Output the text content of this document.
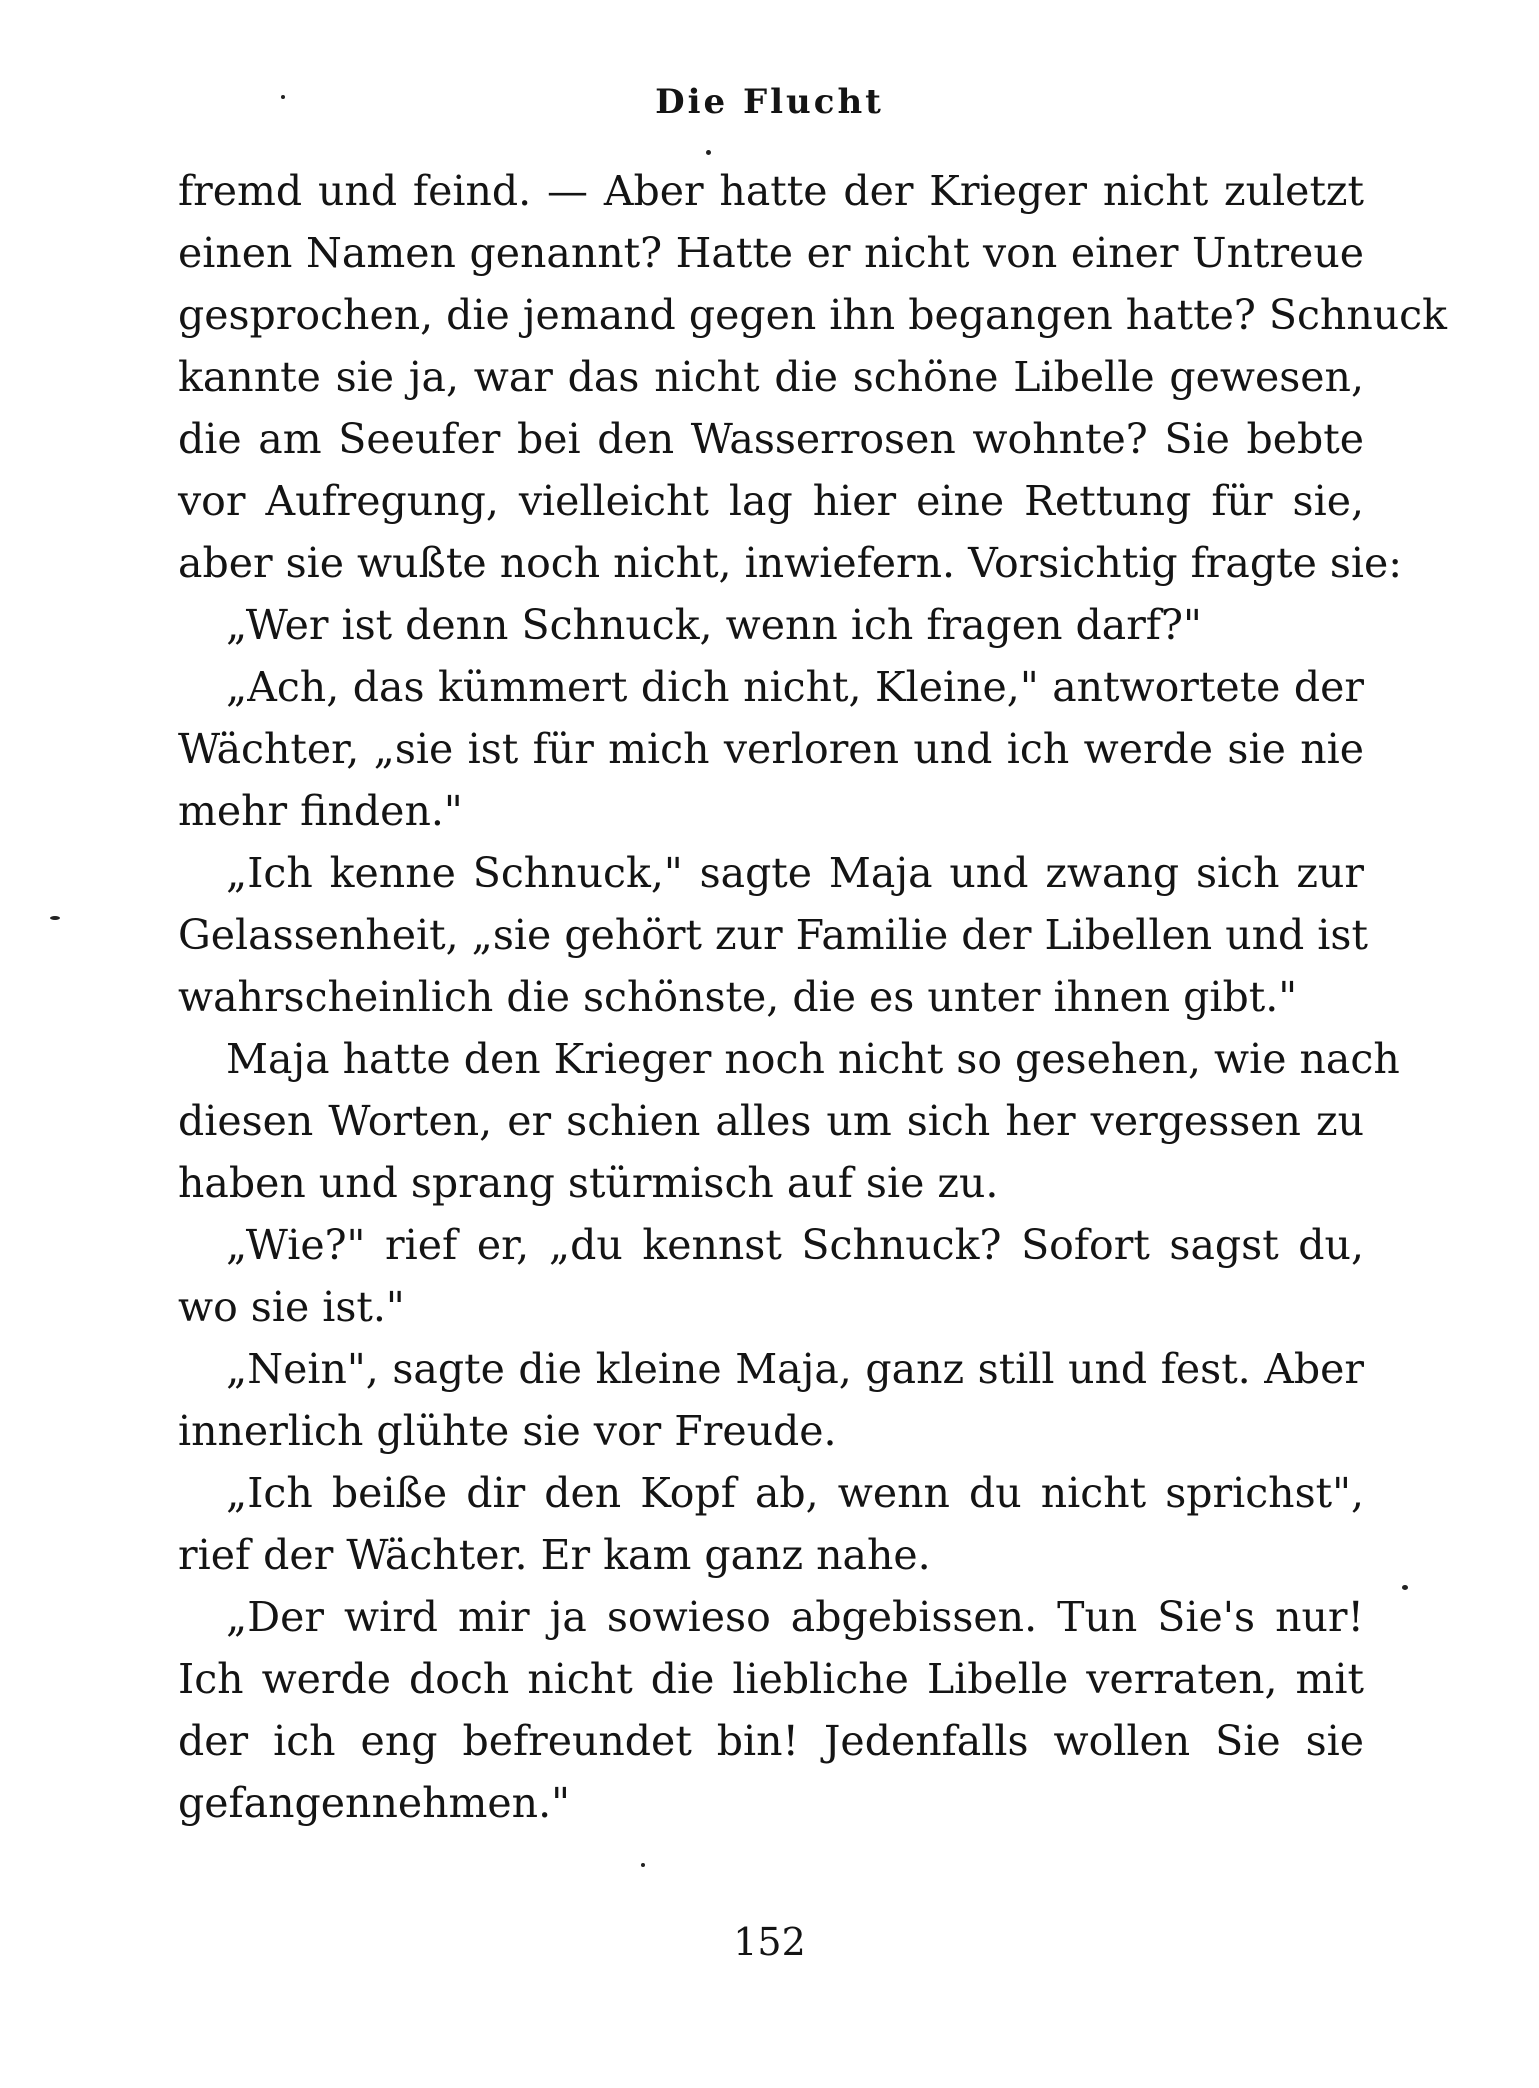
Die Flucht
fremd und feind. — Aber hatte der Krieger nicht zuletzt
einen Namen genannt? Hatte er nicht von einer Untreue
gesprochen, die jemand gegen ihn begangen hatte? Schnuck
kannte sie ja, war das nicht die schöne Libelle gewesen,
die am Seeufer bei den Wasserrosen wohnte? Sie bebte
vor Aufregung, vielleicht lag hier eine Rettung für sie,
aber sie wußte noch nicht, inwiefern. Vorsichtig fragte sie:
„Wer ist denn Schnuck, wenn ich fragen darf?"
„Ach, das kümmert dich nicht, Kleine," antwortete der
Wächter, „sie ist für mich verloren und ich werde sie nie
mehr finden."
„Ich kenne Schnuck," sagte Maja und zwang sich zur
Gelassenheit, „sie gehört zur Familie der Libellen und ist
wahrscheinlich die schönste, die es unter ihnen gibt."
Maja hatte den Krieger noch nicht so gesehen, wie nach
diesen Worten, er schien alles um sich her vergessen zu
haben und sprang stürmisch auf sie zu.
„Wie?" rief er, „du kennst Schnuck? Sofort sagst du,
wo sie ist."
„Nein", sagte die kleine Maja, ganz still und fest. Aber
innerlich glühte sie vor Freude.
„Ich beiße dir den Kopf ab, wenn du nicht sprichst",
rief der Wächter. Er kam ganz nahe.
„Der wird mir ja sowieso abgebissen. Tun Sie's nur!
Ich werde doch nicht die liebliche Libelle verraten, mit
der ich eng befreundet bin! Jedenfalls wollen Sie sie
gefangennehmen."
152
